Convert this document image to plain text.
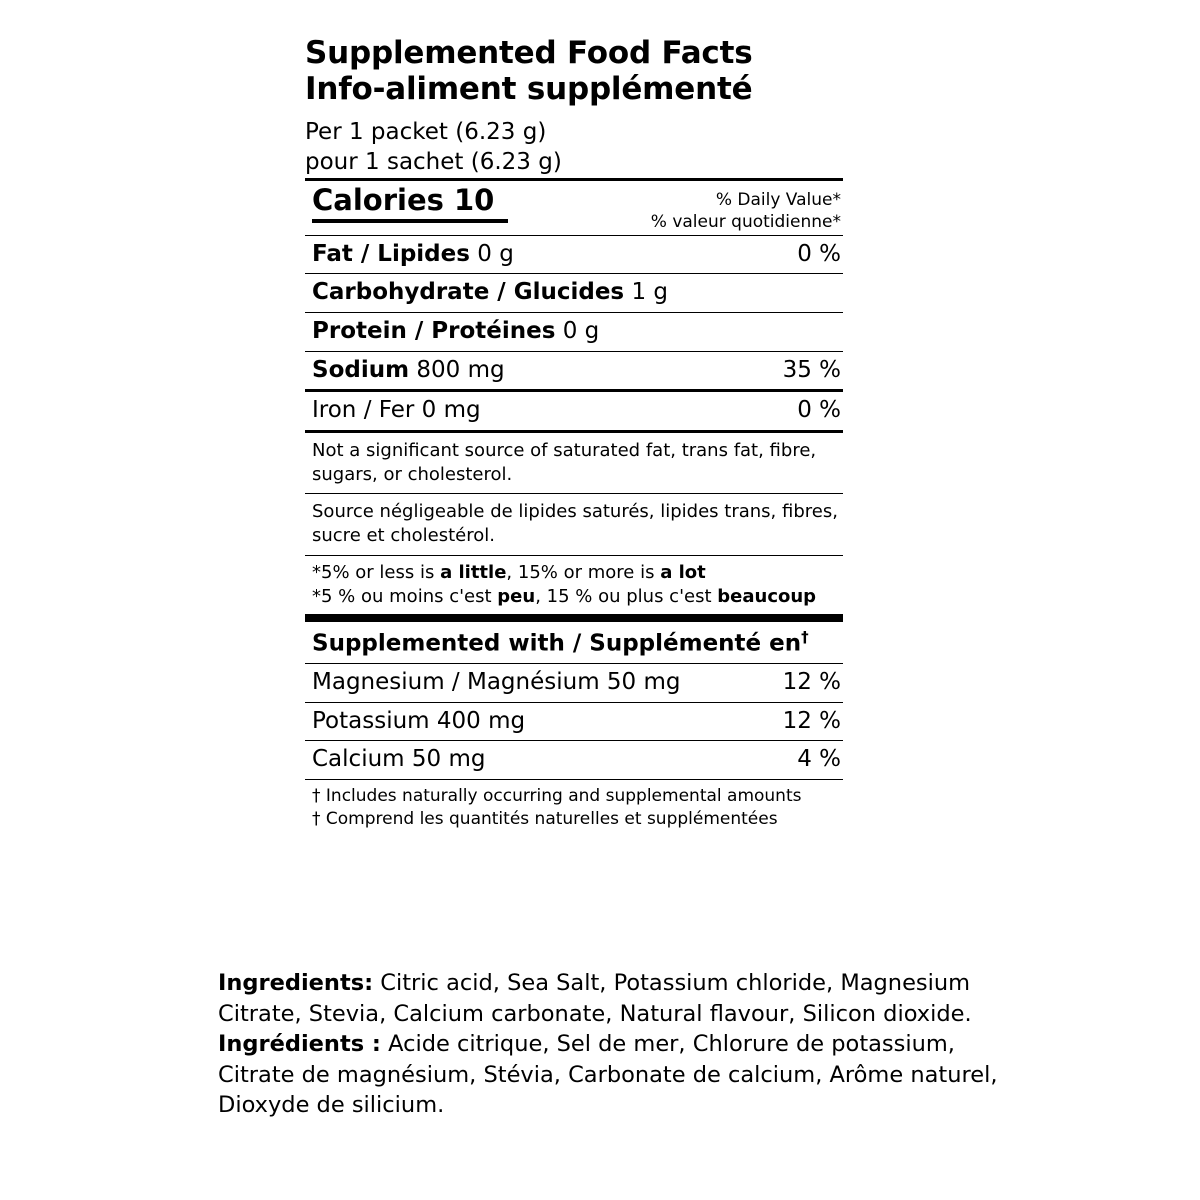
Supplemented Food Facts
Info-aliment supplémenté
Per 1 packet (6.23 g)
pour 1 sachet (6.23 g)
Calories 10	% Daily Value*
% valeur quotidienne*
Fat / Lipides 0 g	0 %
Carbohydrate / Glucides 1 g
Protein / Protéines 0 g
Sodium 800 mg	35 %
Iron / Fer 0 mg	0 %
Not a significant source of saturated fat, trans fat, fibre, sugars, or cholesterol.
Source négligeable de lipides saturés, lipides trans, fibres, sucre et cholestérol.
*5% or less is a little, 15% or more is a lot
*5 % ou moins c'est peu, 15 % ou plus c'est beaucoup
Supplemented with / Supplémenté en†
Magnesium / Magnésium 50 mg	12 %
Potassium 400 mg	12 %
Calcium 50 mg	4 %
† Includes naturally occurring and supplemental amounts
† Comprend les quantités naturelles et supplémentées

Ingredients: Citric acid, Sea Salt, Potassium chloride, Magnesium Citrate, Stevia, Calcium carbonate, Natural flavour, Silicon dioxide.

Ingrédients : Acide citrique, Sel de mer, Chlorure de potassium, Citrate de magnésium, Stévia, Carbonate de calcium, Arôme naturel, Dioxyde de silicium.
